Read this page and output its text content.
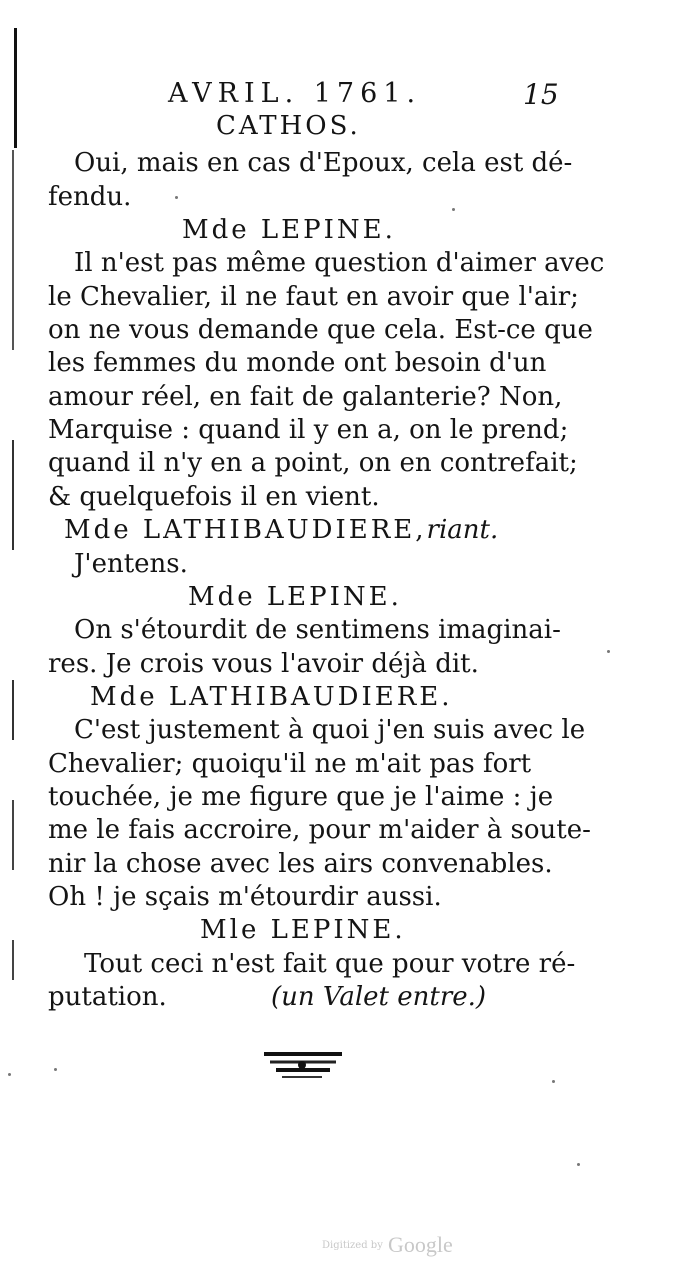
AVRIL. 1761.	15
CATHOS.
Oui, mais en cas d'Epoux, cela est dé-
fendu.
Mde LEPINE.
Il n'est pas même question d'aimer avec
le Chevalier, il ne faut en avoir que l'air;
on ne vous demande que cela. Est-ce que
les femmes du monde ont besoin d'un
amour réel, en fait de galanterie? Non,
Marquise : quand il y en a, on le prend;
quand il n'y en a point, on en contrefait;
& quelquefois il en vient.
Mde LATHIBAUDIERE,riant.
J'entens.
Mde LEPINE.
On s'étourdit de sentimens imaginai-
res. Je crois vous l'avoir déjà dit.
Mde LATHIBAUDIERE.
C'est justement à quoi j'en suis avec le
Chevalier; quoiqu'il ne m'ait pas fort
touchée, je me figure que je l'aime : je
me le fais accroire, pour m'aider à soute-
nir la chose avec les airs convenables.
Oh ! je sçais m'étourdir aussi.
Mle LEPINE.
Tout ceci n'est fait que pour votre ré-
putation.	(un Valet entre.)
$^{Digitized by}$ Google
